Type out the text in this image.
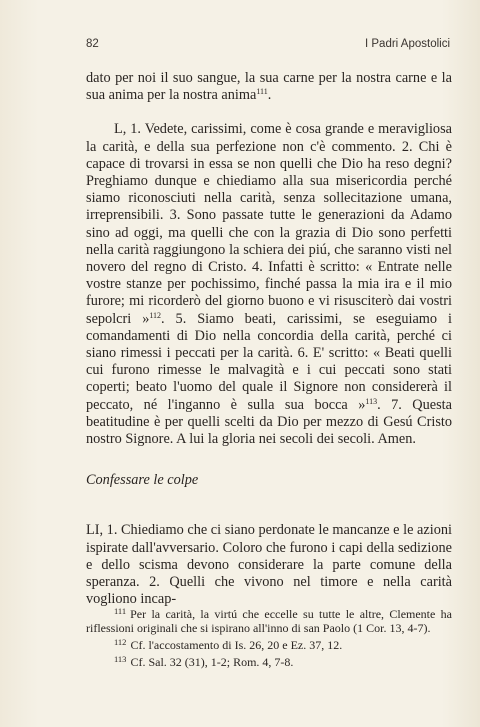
82	I Padri Apostolici

dato per noi il suo sangue, la sua carne per la nostra carne e la sua anima per la nostra anima$^{111}$.

L, 1. Vedete, carissimi, come è cosa grande e meravigliosa la carità, e della sua perfezione non c'è commento. 2. Chi è capace di trovarsi in essa se non quelli che Dio ha reso degni? Preghiamo dunque e chiediamo alla sua misericordia perché siamo riconosciuti nella carità, senza sollecitazione umana, irreprensibili. 3. Sono passate tutte le generazioni da Adamo sino ad oggi, ma quelli che con la grazia di Dio sono perfetti nella carità raggiungono la schiera dei piú, che saranno visti nel novero del regno di Cristo. 4. Infatti è scritto: « Entrate nelle vostre stanze per pochissimo, finché passa la mia ira e il mio furore; mi ricorderò del giorno buono e vi risusciterò dai vostri sepolcri »$^{112}$. 5. Siamo beati, carissimi, se eseguiamo i comandamenti di Dio nella concordia della carità, perché ci siano rimessi i peccati per la carità. 6. E' scritto: « Beati quelli cui furono rimesse le malvagità e i cui peccati sono stati coperti; beato l'uomo del quale il Signore non considererà il peccato, né l'inganno è sulla sua bocca »$^{113}$. 7. Questa beatitudine è per quelli scelti da Dio per mezzo di Gesú Cristo nostro Signore. A lui la gloria nei secoli dei secoli. Amen.

Confessare le colpe

LI, 1. Chiediamo che ci siano perdonate le mancanze e le azioni ispirate dall'avversario. Coloro che furono i capi della sedizione e dello scisma devono considerare la parte comune della speranza. 2. Quelli che vivono nel timore e nella carità vogliono incap-

$^{111}$ Per la carità, la virtú che eccelle su tutte le altre, Clemente ha riflessioni originali che si ispirano all'inno di san Paolo (1 Cor. 13, 4-7).

$^{112}$ Cf. l'accostamento di Is. 26, 20 e Ez. 37, 12.

$^{113}$ Cf. Sal. 32 (31), 1-2; Rom. 4, 7-8.
